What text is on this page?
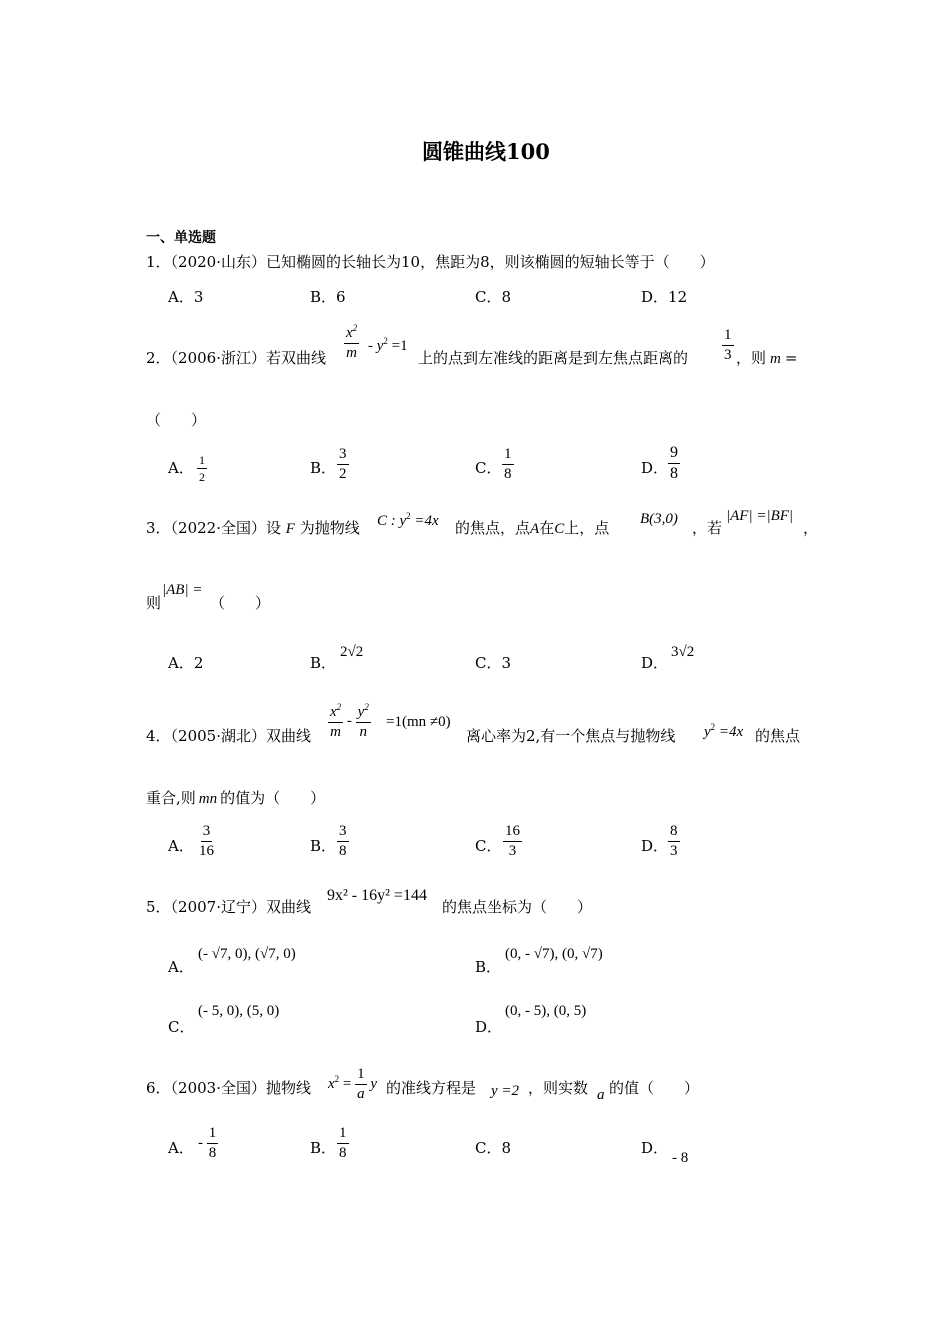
圆锥曲线100
一、单选题
1．（2020·山东）已知椭圆的长轴长为10，焦距为8，则该椭圆的短轴长等于（　　）
A．3	B．6	C．8	D．12
2．（2006·浙江）若双曲线 $\frac{x^2}{m} - y^2 =1$
上的点到左准线的距离是到左焦点距离的 $\frac{1}{3}$ ，则 m =
（　　）
A． $\frac{1}{2}$	B． $\frac{3}{2}$	C． $\frac{1}{8}$	D． $\frac{9}{8}$
3．（2022·全国）设 F 为抛物线 C : $y^2 =4x$ 的焦点，点A在C上，点 B(3,0) ，若
|AF| =|BF|
，
则
|AB| =
（　　）
A．2	B．
2√2
C．3	D．
3√2
4．（2005·湖北）双曲线 $\frac{x^2}{m} - \frac{y^2}{n} =1(mn \ne 0)$
离心率为2,有一个焦点与抛物线 $y^2 =4x$ 的焦点
重合,则 mn 的值为（　　）
A． $\frac{3}{16}$	B． $\frac{3}{8}$	C． $\frac{16}{3}$	D． $\frac{8}{3}$
5．（2007·辽宁）双曲线
9x² - 16y² =144
的焦点坐标为（　　）
A．
(- √7, 0), (√7, 0)
B．
(0, - √7), (0, √7)
C．
(- 5, 0), (5, 0)
D．
(0, - 5), (0, 5)
6．（2003·全国）抛物线 $x^2 = \frac{1}{a}$ y 的准线方程是 y =2 ，则实数 a 的值（　　）
A． - $\frac{1}{8}$	B． $\frac{1}{8}$	C．8	D．
- 8
